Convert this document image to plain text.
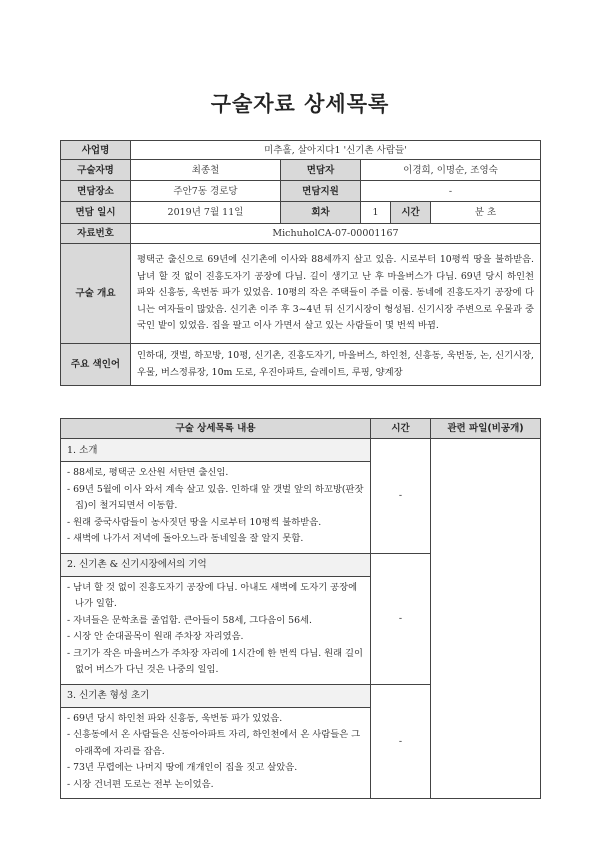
구술자료 상세목록
사업명	미추홀, 살아지다1 '신기촌 사람들'				
구술자명	최종철	면담자	이경희, 이명순, 조영숙		
면담장소	주안7동 경로당	면담지원	-		
면담 일시	2019년 7월 11일	회차	1	시간	분 초
자료번호	MichuholCA-07-00001167				
구술 개요	평택군 출신으로 69년에 신기촌에 이사와 88세까지 살고 있음. 시로부터 10평씩 땅을 불하받음. 남녀 할 것 없이 진흥도자기 공장에 다님. 길이 생기고 난 후 마을버스가 다님. 69년 당시 하인천 파와 신흥동, 욱번동 파가 있었음. 10평의 작은 주택들이 주를 이룸. 동네에 진흥도자기 공장에 다니는 여자들이 많았음. 신기촌 이주 후 3~4년 뒤 신기시장이 형성됨. 신기시장 주변으로 우물과 중국인 밭이 있었음. 집을 팔고 이사 가면서 살고 있는 사람들이 몇 번씩 바뀜.				
주요 색인어	인하대, 갯벌, 하꼬방, 10평, 신기촌, 진흥도자기, 마을버스, 하인천, 신흥동, 욱번동, 논, 신기시장, 우물, 버스정류장, 10m 도로, 우진아파트, 슬레이트, 루핑, 양계장				
구술 상세목록 내용	시간	관련 파일(비공개)
1. 소개	-	

- 88세로, 평택군 오산원 서탄면 출신임.
- 69년 5월에 이사 와서 계속 살고 있음. 인하대 앞 갯벌 앞의 하꼬방(판잣집)이 철거되면서 이동함.
- 원래 중국사람들이 농사짓던 땅을 시로부터 10평씩 불하받음.
- 새벽에 나가서 저녁에 돌아오느라 동네일을 잘 알지 못함.		

2. 신기촌 & 신기시장에서의 기억	-	

- 남녀 할 것 없이 진흥도자기 공장에 다님. 아내도 새벽에 도자기 공장에 나가 일함.
- 자녀들은 문학초를 졸업함. 큰아들이 58세, 그다음이 56세.
- 시장 안 순대골목이 원래 주차장 자리였음.
- 크기가 작은 마을버스가 주차장 자리에 1시간에 한 번씩 다님. 원래 길이 없어 버스가 다닌 것은 나중의 일임.		

3. 신기촌 형성 초기	-	

- 69년 당시 하인천 파와 신흥동, 욱번동 파가 있었음.
- 신흥동에서 온 사람들은 신동아아파트 자리, 하인천에서 온 사람들은 그 아래쪽에 자리를 잡음.
- 73년 무렵에는 나머지 땅에 개개인이 집을 짓고 살았음.
- 시장 건너편 도로는 전부 논이었음.		
